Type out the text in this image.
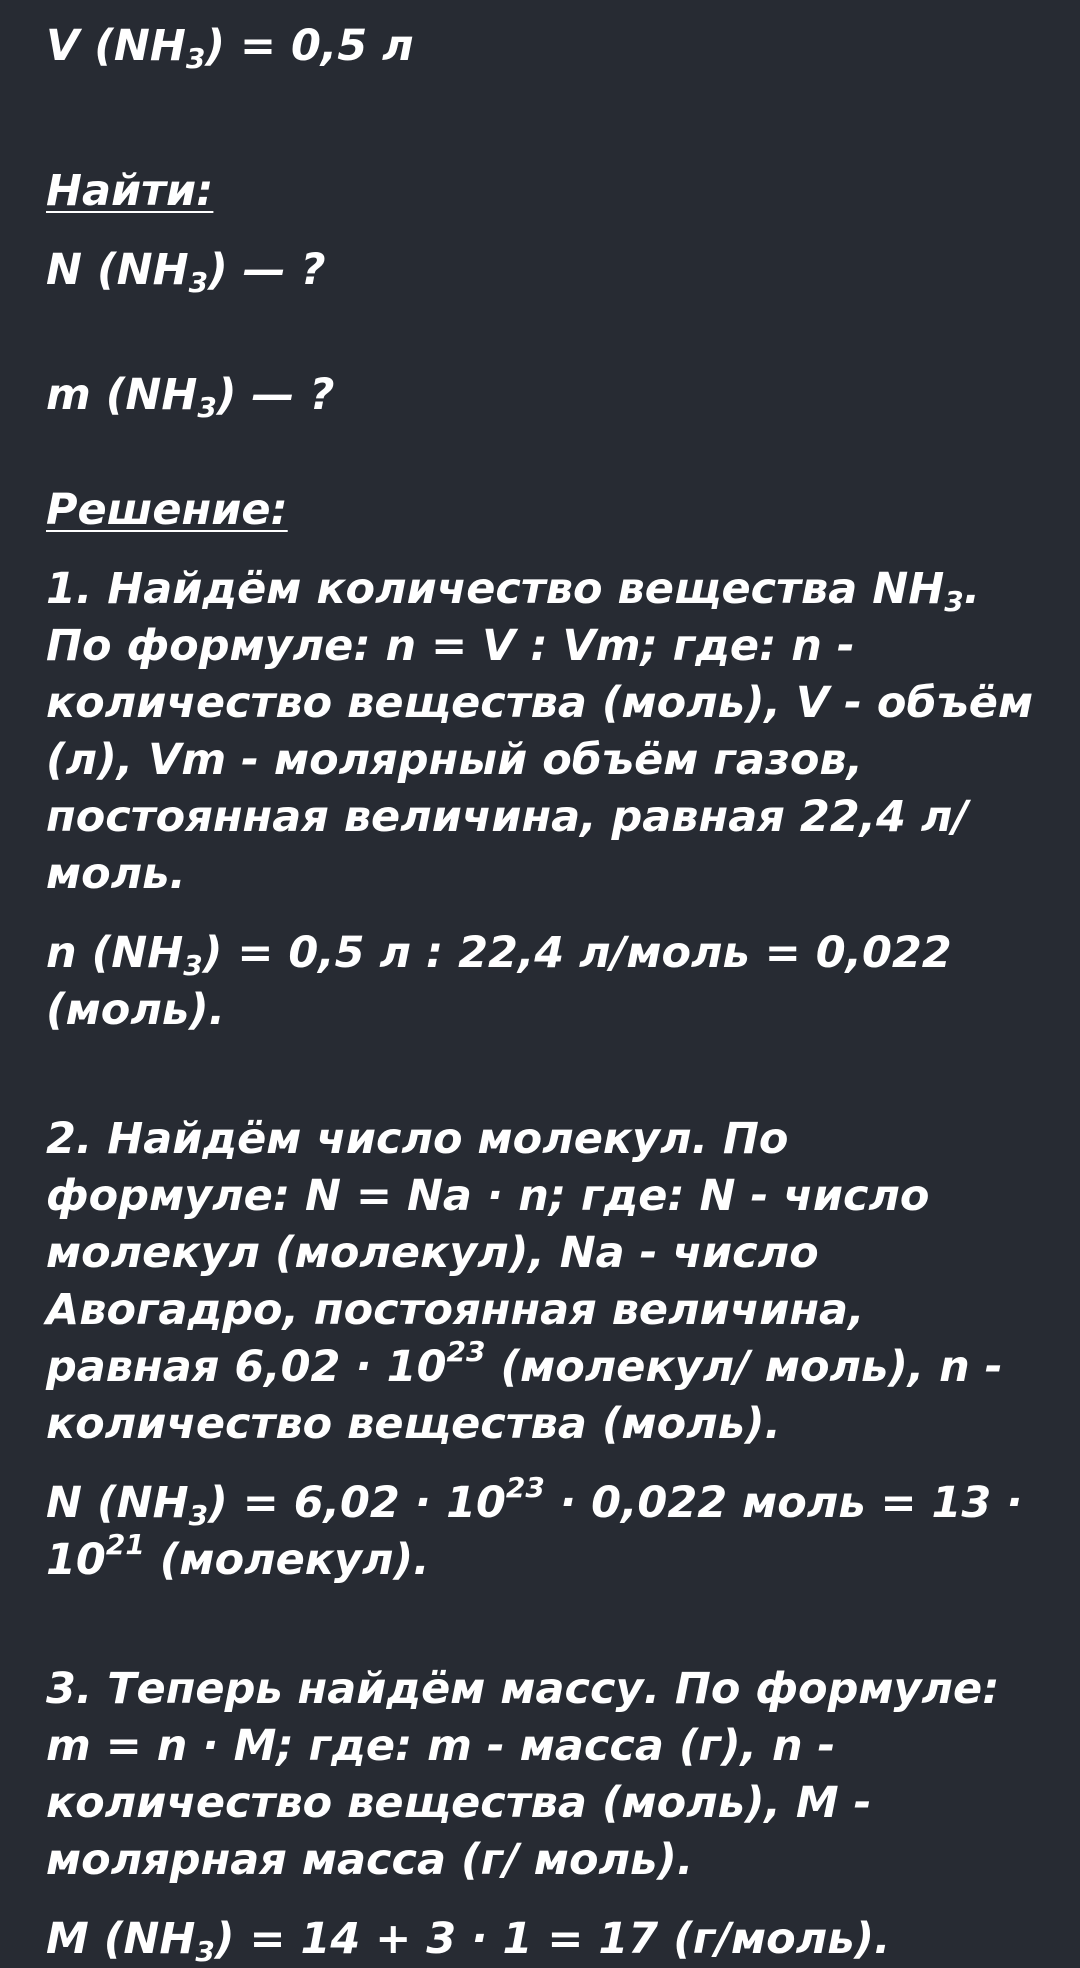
V $(NH_3) = 0,5$ л

Найти:

N $(NH_3)$ — ?

m $(NH_3)$ — ?

Решение:

1. Найдём количество вещества $NH_3$. По формуле: n = V : Vm; где: n - количество вещества (моль), V - объём (л), Vm - молярный объём газов, постоянная величина, равная 22,4 л/моль.

n $(NH_3) = 0,5$ л : 22,4 л/моль = 0,022 (моль).

2. Найдём число молекул. По формуле: N = Na · n; где: N - число молекул (молекул), Na - число Авогадро, постоянная величина, равная $6,02 \cdot 10^{23}$ (молекул/ моль), n - количество вещества (моль).

N $(NH_3) = 6,02 \cdot 10^{23} \cdot 0,022$ моль = $13 \cdot 10^{21}$ (молекул).

3. Теперь найдём массу. По формуле: m = n · M; где: m - масса (г), n - количество вещества (моль), M - молярная масса (г/ моль).

M $(NH_3) = 14 + 3 \cdot 1 = 17$ (г/моль).
